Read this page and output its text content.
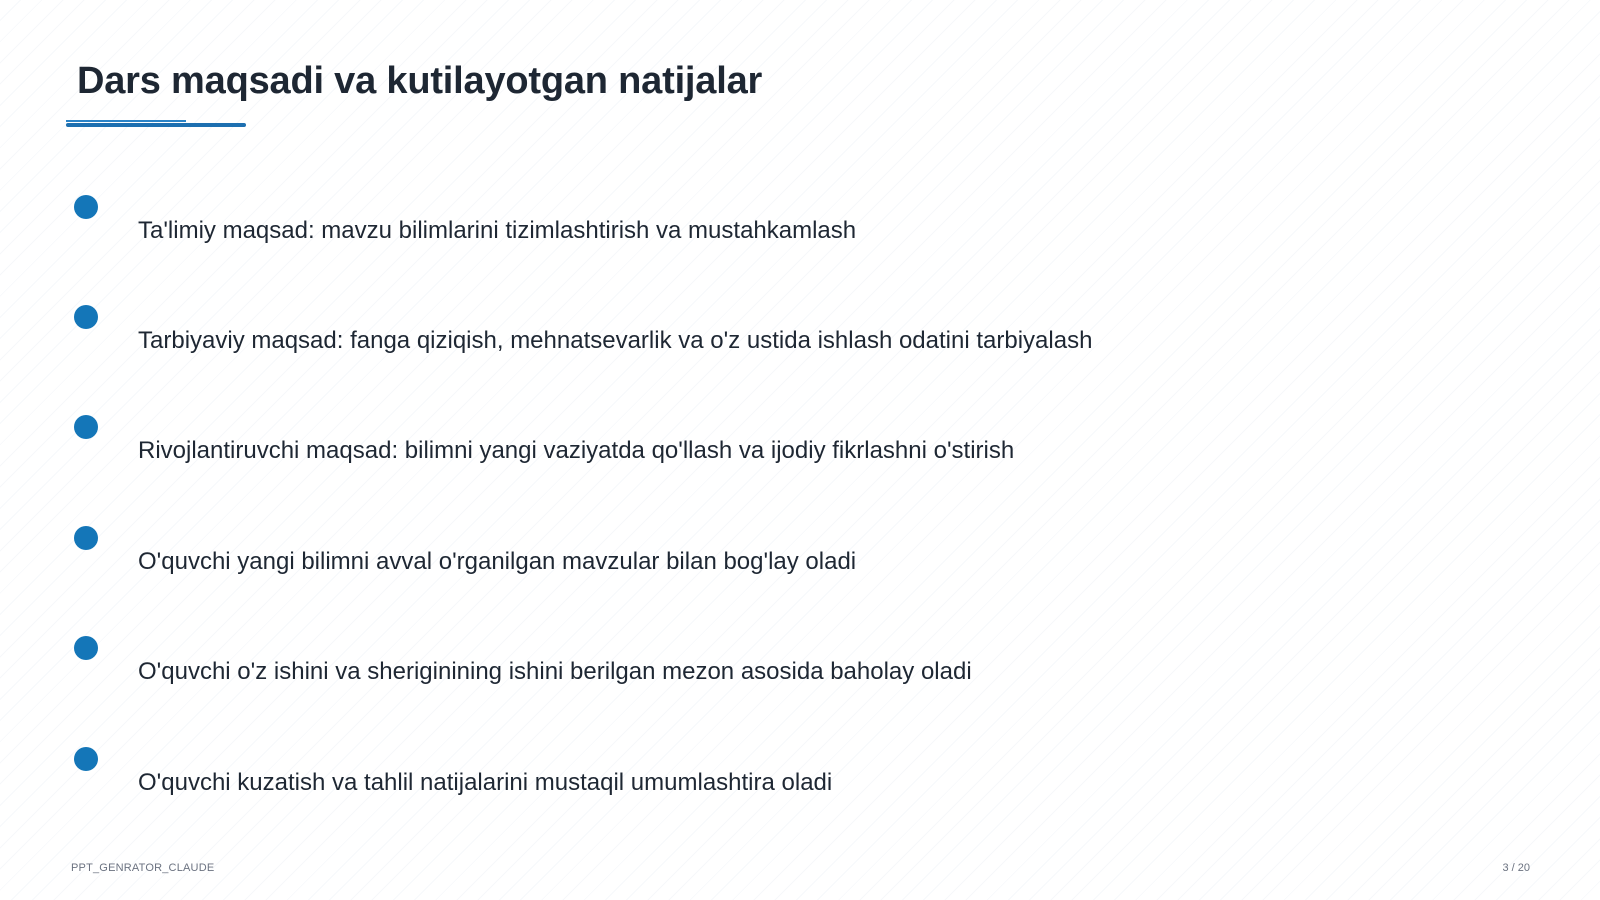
Dars maqsadi va kutilayotgan natijalar
Ta'limiy maqsad: mavzu bilimlarini tizimlashtirish va mustahkamlash
Tarbiyaviy maqsad: fanga qiziqish, mehnatsevarlik va o'z ustida ishlash odatini tarbiyalash
Rivojlantiruvchi maqsad: bilimni yangi vaziyatda qo'llash va ijodiy fikrlashni o'stirish
O'quvchi yangi bilimni avval o'rganilgan mavzular bilan bog'lay oladi
O'quvchi o'z ishini va sheriginining ishini berilgan mezon asosida baholay oladi
O'quvchi kuzatish va tahlil natijalarini mustaqil umumlashtira oladi
PPT_GENRATOR_CLAUDE	3 / 20
